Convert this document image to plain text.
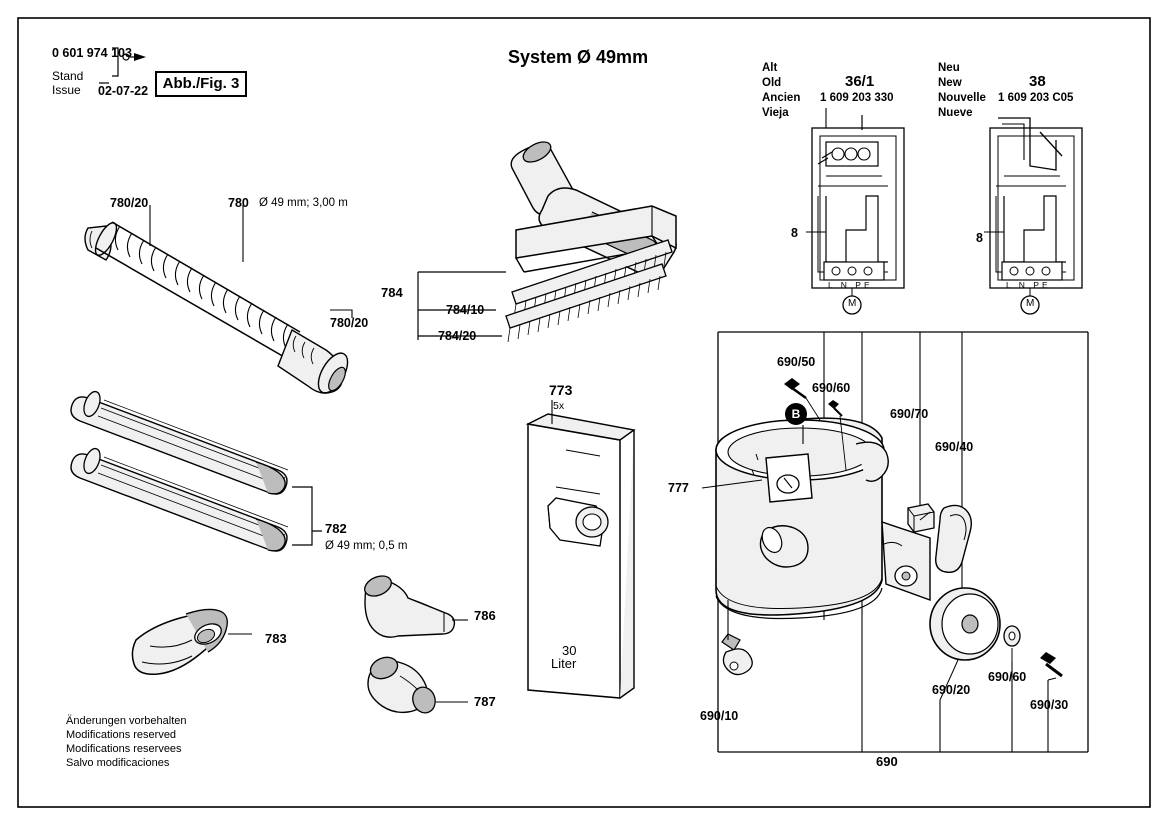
0 601 974 103
Stand
Issue 02-07-22 Abb./Fig. 3
System Ø 49mm
780/20	780 Ø 49 mm; 3,00 m
780/20
782
Ø 49 mm; 0,5 m
783
786
787
784
784/10
784/20
773
5x
30
Liter
Alt
Old
Ancien
Vieja
36/1
1 609 203 330
8
L N PE
M
Neu
New
Nouvelle
Nueve
38
1 609 203 C05
8
L N PE
M
690/50
690/60
690/70
690/40
777
690/20
690/60
690/30
690/10
690
B
Änderungen vorbehalten
Modifications reserved
Modifications reservees
Salvo modificaciones
